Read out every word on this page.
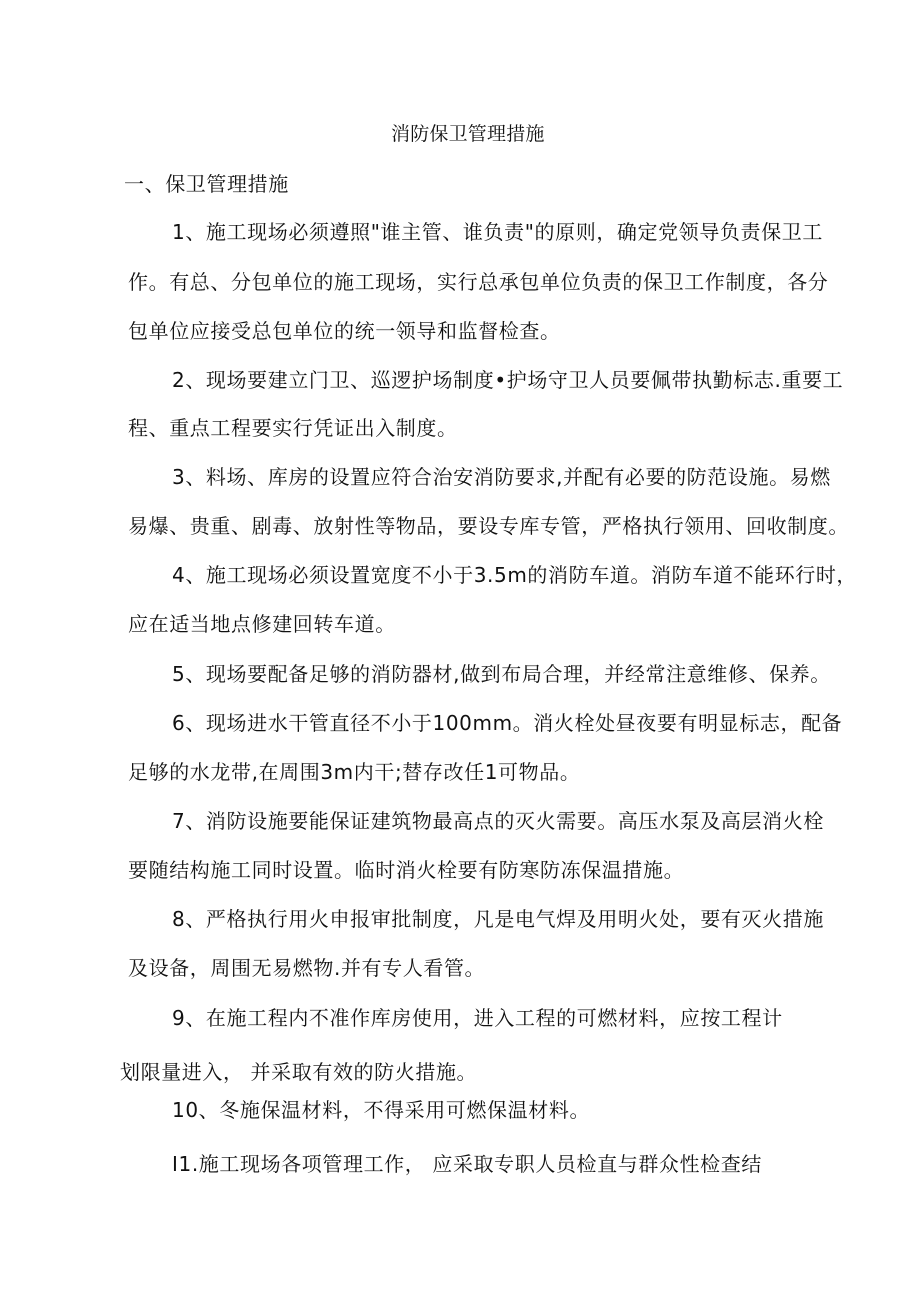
消防保卫管理措施
一、保卫管理措施
1、施工现场必须遵照"谁主管、谁负责"的原则，确定党领导负责保卫工
作。有总、分包单位的施工现场，实行总承包单位负责的保卫工作制度，各分
包单位应接受总包单位的统一领导和监督检查。
2、现场要建立门卫、巡逻护场制度•护场守卫人员要佩带执勤标志.重要工
程、重点工程要实行凭证出入制度。
3、料场、库房的设置应符合治安消防要求,并配有必要的防范设施。易燃
易爆、贵重、剧毒、放射性等物品，要设专库专管，严格执行领用、回收制度。
4、施工现场必须设置宽度不小于3.5m的消防车道。消防车道不能环行时，
应在适当地点修建回转车道。
5、现场要配备足够的消防器材,做到布局合理，并经常注意维修、保养。
6、现场进水干管直径不小于100mm。消火栓处昼夜要有明显标志，配备
足够的水龙带,在周围3m内干;替存改任1可物品。
7、消防设施要能保证建筑物最高点的灭火需要。高压水泵及高层消火栓
要随结构施工同时设置。临时消火栓要有防寒防冻保温措施。
8、严格执行用火申报审批制度，凡是电气焊及用明火处，要有灭火措施
及设备，周围无易燃物.并有专人看管。
9、在施工程内不准作库房使用，进入工程的可燃材料，应按工程计
划限量进入， 并采取有效的防火措施。
10、冬施保温材料，不得采用可燃保温材料。
I1.施工现场各项管理工作， 应采取专职人员检直与群众性检查结
